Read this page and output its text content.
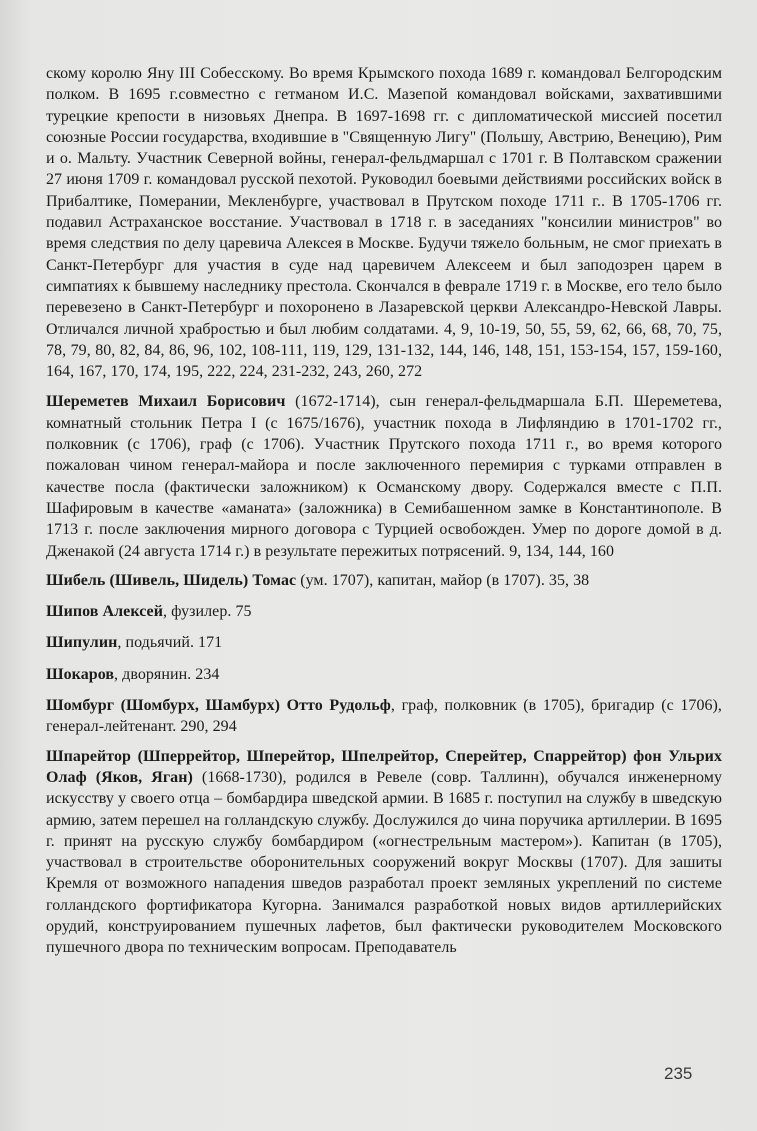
скому королю Яну III Собесскому. Во время Крымского похода 1689 г. командовал Белгородским полком. В 1695 г.совместно с гетманом И.С. Мазепой командовал войсками, захватившими турецкие крепости в низовьях Днепра. В 1697-1698 гг. с дипломатической миссией посетил союзные России государства, входившие в "Священную Лигу" (Польшу, Австрию, Венецию), Рим и о. Мальту. Участник Северной войны, генерал-фельдмаршал с 1701 г. В Полтавском сражении 27 июня 1709 г. командовал русской пехотой. Руководил боевыми действиями российских войск в Прибалтике, Померании, Мекленбурге, участвовал в Прутском походе 1711 г.. В 1705-1706 гг. подавил Астраханское восстание. Участвовал в 1718 г. в заседаниях "консилии министров" во время следствия по делу царевича Алексея в Москве. Будучи тяжело больным, не смог приехать в Санкт-Петербург для участия в суде над царевичем Алексеем и был заподозрен царем в симпатиях к бывшему наследнику престола. Скончался в феврале 1719 г. в Москве, его тело было перевезено в Санкт-Петербург и похоронено в Лазаревской церкви Александро-Невской Лавры. Отличался личной храбростью и был любим солдатами. 4, 9, 10-19, 50, 55, 59, 62, 66, 68, 70, 75, 78, 79, 80, 82, 84, 86, 96, 102, 108-111, 119, 129, 131-132, 144, 146, 148, 151, 153-154, 157, 159-160, 164, 167, 170, 174, 195, 222, 224, 231-232, 243, 260, 272

Шереметев Михаил Борисович (1672-1714), сын генерал-фельдмаршала Б.П. Шереметева, комнатный стольник Петра I (с 1675/1676), участник похода в Лифляндию в 1701-1702 гг., полковник (с 1706), граф (с 1706). Участник Прутского похода 1711 г., во время которого пожалован чином генерал-майора и после заключенного перемирия с турками отправлен в качестве посла (фактически заложником) к Османскому двору. Содержался вместе с П.П. Шафировым в качестве «аманата» (заложника) в Семибашенном замке в Константинополе. В 1713 г. после заключения мирного договора с Турцией освобожден. Умер по дороге домой в д. Дженакой (24 августа 1714 г.) в результате пережитых потрясений. 9, 134, 144, 160

Шибель (Шивель, Шидель) Томас (ум. 1707), капитан, майор (в 1707). 35, 38

Шипов Алексей, фузилер. 75

Шипулин, подьячий. 171

Шокаров, дворянин. 234

Шомбург (Шомбурх, Шамбурх) Отто Рудольф, граф, полковник (в 1705), бригадир (с 1706), генерал-лейтенант. 290, 294

Шпарейтор (Шперрейтор, Шперейтор, Шпелрейтор, Сперейтер, Спаррейтор) фон Ульрих Олаф (Яков, Яган) (1668-1730), родился в Ревеле (совр. Таллинн), обучался инженерному искусству у своего отца – бомбардира шведской армии. В 1685 г. поступил на службу в шведскую армию, затем перешел на голландскую службу. Дослужился до чина поручика артиллерии. В 1695 г. принят на русскую службу бомбардиром («огнестрельным мастером»). Капитан (в 1705), участвовал в строительстве оборонительных сооружений вокруг Москвы (1707). Для зашиты Кремля от возможного нападения шведов разработал проект земляных укреплений по системе голландского фортификатора Кугорна. Занимался разработкой новых видов артиллерийских орудий, конструированием пушечных лафетов, был фактически руководителем Московского пушечного двора по техническим вопросам. Преподаватель

235
